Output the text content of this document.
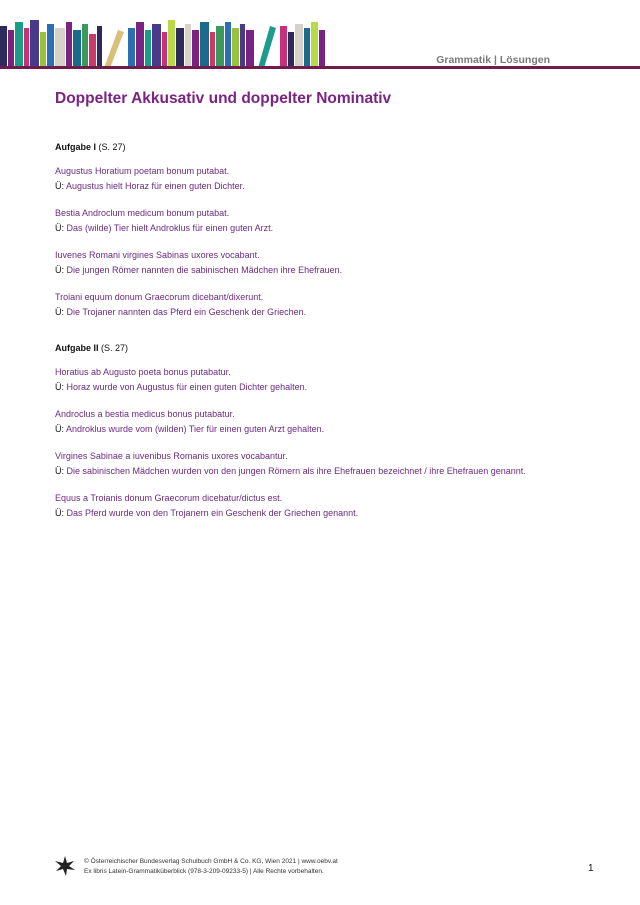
Grammatik | Lösungen
Doppelter Akkusativ und doppelter Nominativ

Aufgabe I (S. 27)

Augustus Horatium poetam bonum putabat.
Ü: Augustus hielt Horaz für einen guten Dichter.
Bestia Androclum medicum bonum putabat.
Ü: Das (wilde) Tier hielt Androklus für einen guten Arzt.
Iuvenes Romani virgines Sabinas uxores vocabant.
Ü: Die jungen Römer nannten die sabinischen Mädchen ihre Ehefrauen.
Troiani equum donum Graecorum dicebant/dixerunt.
Ü: Die Trojaner nannten das Pferd ein Geschenk der Griechen.

Aufgabe II (S. 27)

Horatius ab Augusto poeta bonus putabatur.
Ü: Horaz wurde von Augustus für einen guten Dichter gehalten.
Androclus a bestia medicus bonus putabatur.
Ü: Androklus wurde vom (wilden) Tier für einen guten Arzt gehalten.
Virgines Sabinae a iuvenibus Romanis uxores vocabantur.
Ü: Die sabinischen Mädchen wurden von den jungen Römern als ihre Ehefrauen bezeichnet / ihre Ehefrauen genannt.
Equus a Troianis donum Graecorum dicebatur/dictus est.
Ü: Das Pferd wurde von den Trojanern ein Geschenk der Griechen genannt.
© Österreichischer Bundesverlag Schulbuch GmbH & Co. KG, Wien 2021 | www.oebv.at
Ex libris Latein-Grammatiküberblick (978-3-209-09233-5) | Alle Rechte vorbehalten.	1
